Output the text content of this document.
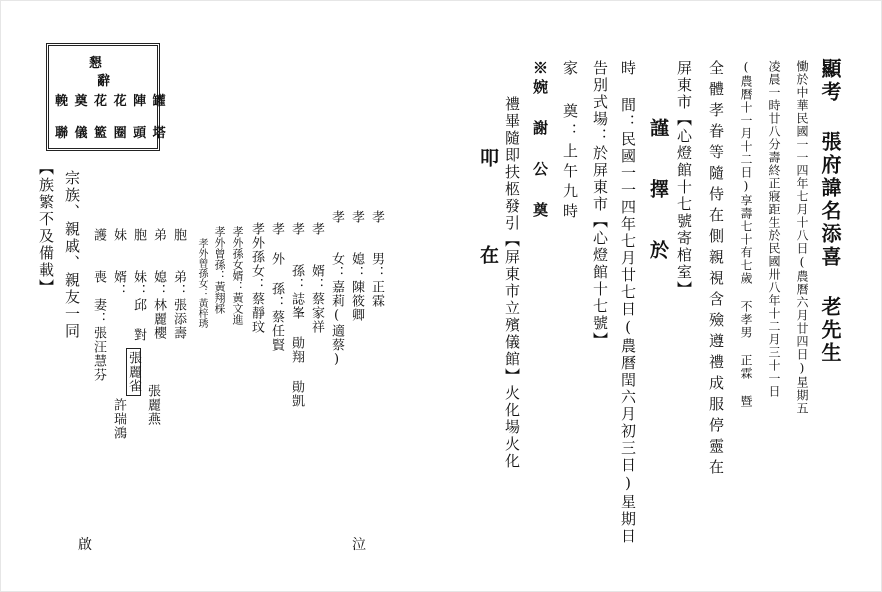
顯考 張府諱名添喜 老先生
慟於中華民國一一四年七月十八日(農曆六月廿四日)星期五
凌晨一時廿八分壽終正寢距生於民國卅八年十二月三十一日
(農曆十一月十二日)享壽七十有七歲 不孝男 正霖 暨
全體孝眷等隨侍在側親視含殮遵禮成服停靈在
屏東市【心燈館十七號寄棺室】
謹 擇 於
時 間：民國一一四年七月廿七日(農曆閏六月初三日)星期日
告別式場：於屏東市【心燈館十七號】
家 奠：上午九時
※婉 謝 公 奠
禮畢隨即扶柩發引【屏東市立殯儀館】火化場火化
叩 在
孝　　男：正霖
孝　　媳：陳筱卿
孝　　女：嘉莉(適蔡)
孝　　婿：蔡家祥
孝　　孫：誌峯 勛翔 勛凱
孝 外 孫：蔡任賢
孝外孫女：蔡靜玟
孝外孫女婿：黃文進
孝外曾孫：黃翔棌
孝外曾孫女：黃梓琇
胞　　弟：張添壽
弟　　媳：林麗櫻
胞　　妹：邱 對
妹　　婿：
護　　喪　妻：張汪慧芬 張麗雀
張麗燕
許瑞鴻
宗族、親戚、親友一同
【族繁不及備載】
啟	泣
懇
辭
輓 奠 花 花 陣 罐
聯 儀 籃 圈 頭 塔
